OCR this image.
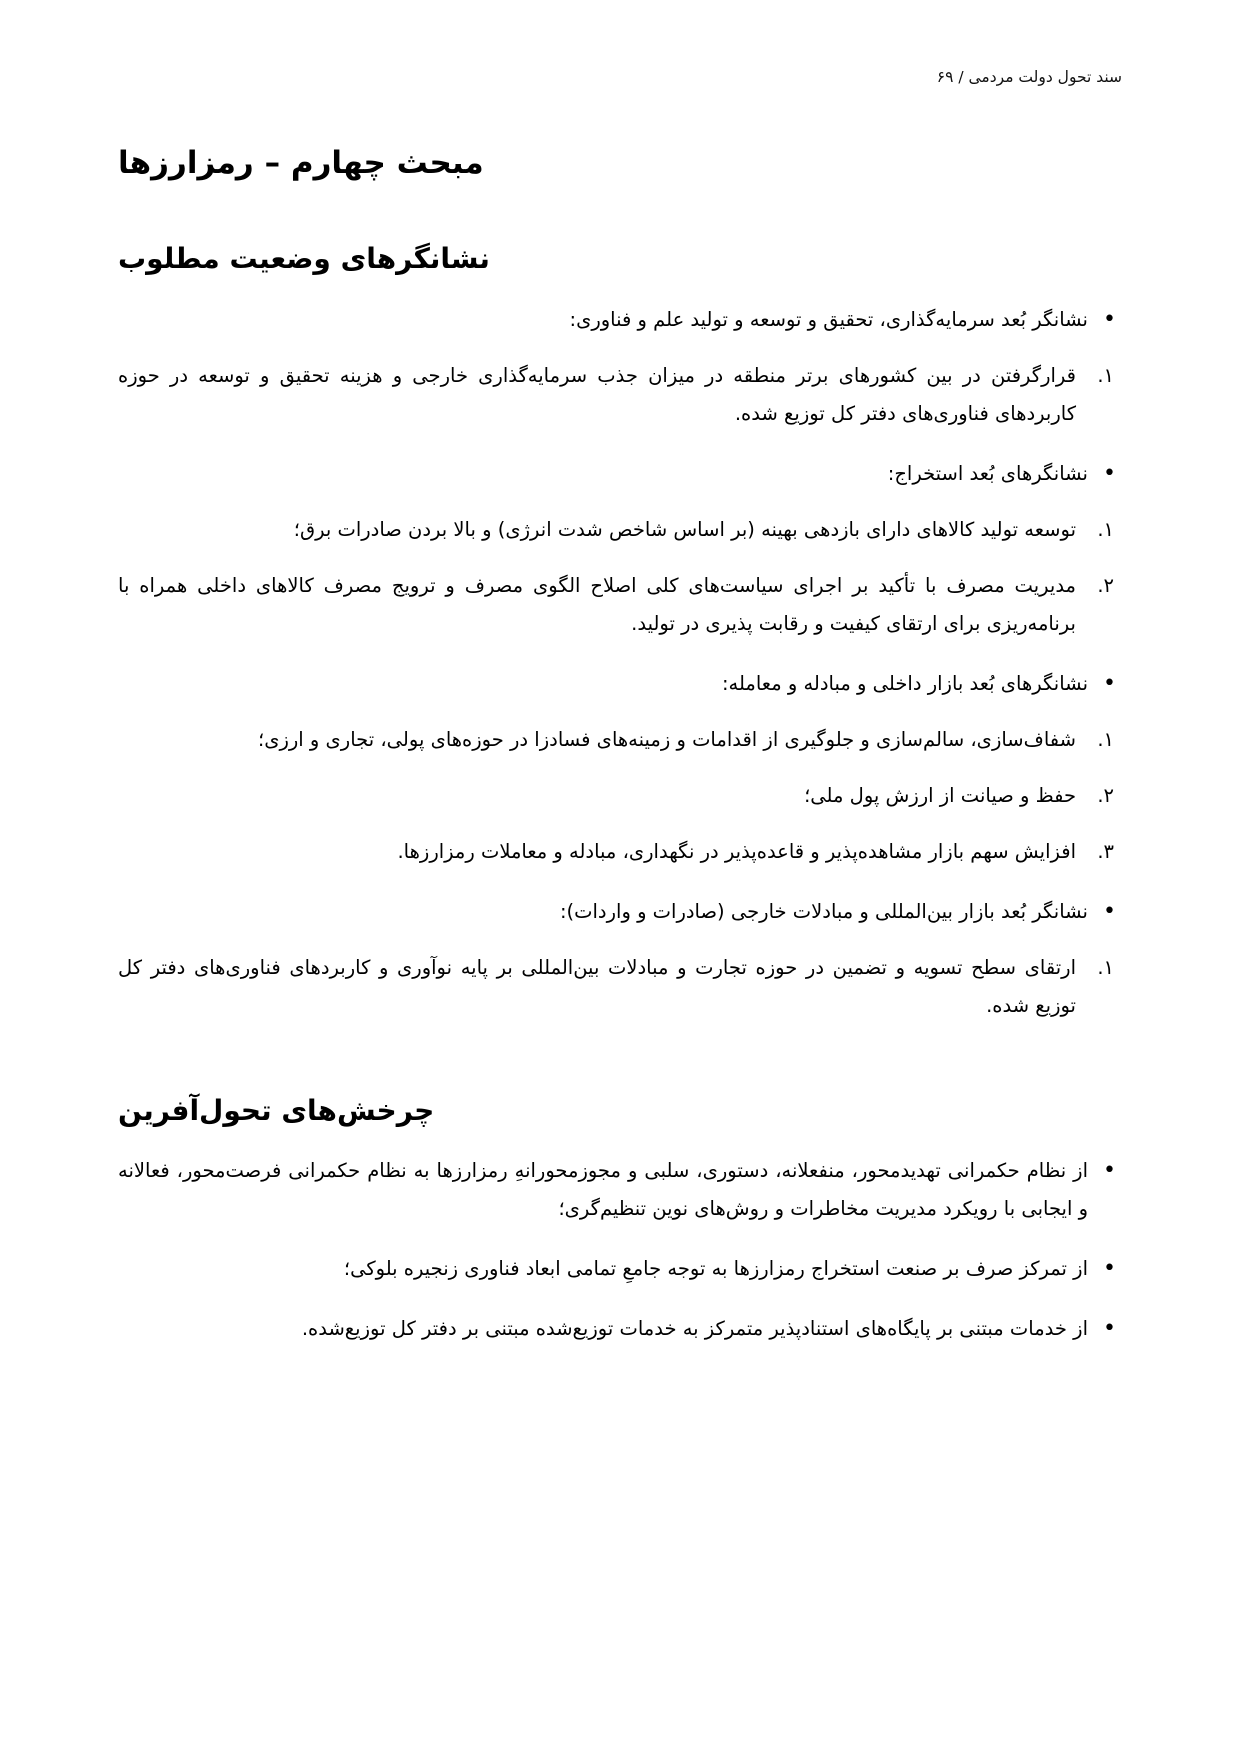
سند تحول دولت مردمی / ۶۹
مبحث چهارم – رمزارزها
نشانگرهای وضعیت مطلوب
• نشانگر بُعد سرمایه‌گذاری، تحقیق و توسعه و تولید علم و فناوری:
۱.
قرارگرفتن در بین کشورهای برتر منطقه در میزان جذب سرمایه‌گذاری خارجی و هزینه تحقیق و توسعه در حوزه کاربردهای فناوری‌های دفتر کل توزیع شده.
• نشانگرهای بُعد استخراج:
۱.
توسعه تولید کالاهای دارای بازدهی بهینه (بر اساس شاخص شدت انرژی) و بالا بردن صادرات برق؛
۲.
مدیریت مصرف با تأکید بر اجرای سیاست‌های کلی اصلاح الگوی مصرف و ترویج مصرف کالاهای داخلی همراه با برنامه‌ریزی برای ارتقای کیفیت و رقابت پذیری در تولید.
• نشانگرهای بُعد بازار داخلی و مبادله و معامله:
۱.
شفاف‌سازی، سالم‌سازی و جلوگیری از اقدامات و زمینه‌های فسادزا در حوزه‌های پولی، تجاری و ارزی؛
۲.
حفظ و صیانت از ارزش پول ملی؛
۳.
افزایش سهم بازار مشاهده‌پذیر و قاعده‌پذیر در نگهداری، مبادله و معاملات رمزارزها.
• نشانگر بُعد بازار بین‌المللی و مبادلات خارجی (صادرات و واردات):
۱.
ارتقای سطح تسویه و تضمین در حوزه تجارت و مبادلات بین‌المللی بر پایه نوآوری و کاربردهای فناوری‌های دفتر کل توزیع شده.
چرخش‌های تحول‌آفرین
• از نظام حکمرانی تهدیدمحور، منفعلانه، دستوری، سلبی و مجوزمحورانهِ رمزارزها به نظام حکمرانی فرصت‌محور، فعالانه و ایجابی با رویکرد مدیریت مخاطرات و روش‌های نوین تنظیم‌گری؛
• از تمرکز صرف بر صنعت استخراج رمزارزها به توجه جامعِ تمامی ابعاد فناوری زنجیره بلوکی؛
• از خدمات مبتنی بر پایگاه‌های استنادپذیر متمرکز به خدمات توزیع‌شده مبتنی بر دفتر کل توزیع‌شده.
